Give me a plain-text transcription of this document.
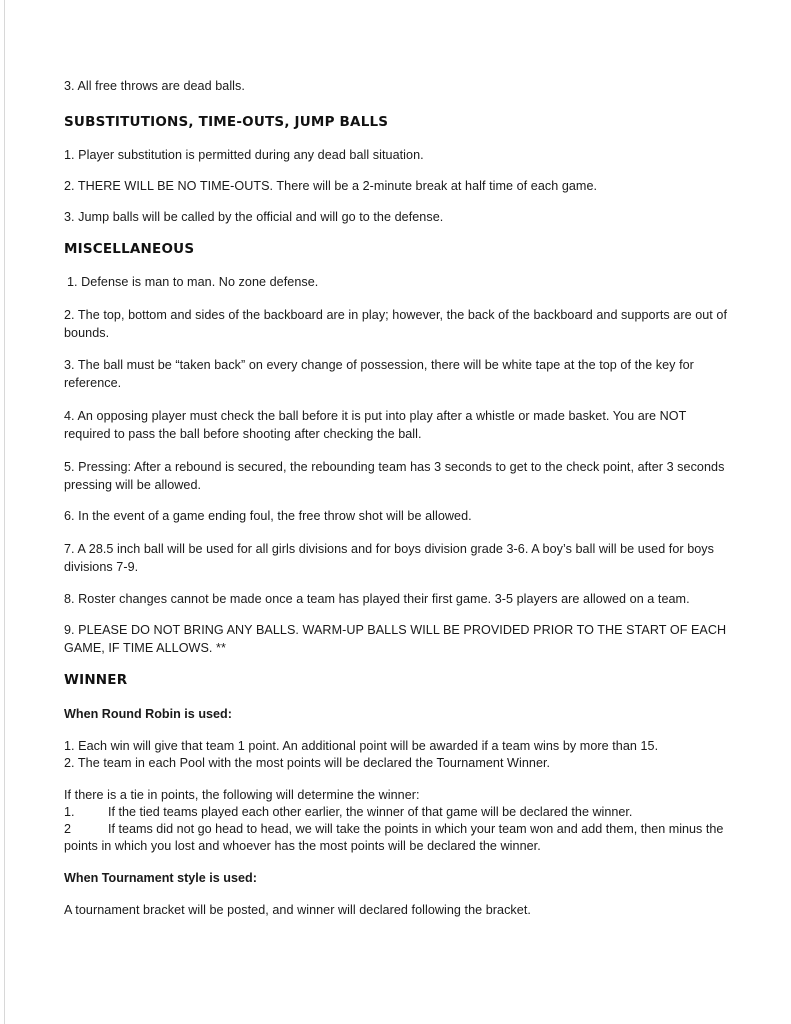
3. All free throws are dead balls.

SUBSTITUTIONS, TIME-OUTS, JUMP BALLS

1. Player substitution is permitted during any dead ball situation.

2. THERE WILL BE NO TIME-OUTS. There will be a 2-minute break at half time of each game.

3. Jump balls will be called by the official and will go to the defense.

MISCELLANEOUS

1. Defense is man to man. No zone defense.

2. The top, bottom and sides of the backboard are in play; however, the back of the backboard and supports are out of bounds.

3. The ball must be “taken back” on every change of possession, there will be white tape at the top of the key for reference.

4. An opposing player must check the ball before it is put into play after a whistle or made basket. You are NOT required to pass the ball before shooting after checking the ball.

5. Pressing: After a rebound is secured, the rebounding team has 3 seconds to get to the check point, after 3 seconds pressing will be allowed.

6. In the event of a game ending foul, the free throw shot will be allowed.

7. A 28.5 inch ball will be used for all girls divisions and for boys division grade 3-6. A boy’s ball will be used for boys divisions 7-9.

8. Roster changes cannot be made once a team has played their first game. 3-5 players are allowed on a team.

9. PLEASE DO NOT BRING ANY BALLS. WARM-UP BALLS WILL BE PROVIDED PRIOR TO THE START OF EACH GAME, IF TIME ALLOWS. **

WINNER

When Round Robin is used:

1. Each win will give that team 1 point. An additional point will be awarded if a team wins by more than 15.

2. The team in each Pool with the most points will be declared the Tournament Winner.

If there is a tie in points, the following will determine the winner:

1.	If the tied teams played each other earlier, the winner of that game will be declared the winner.
2	If teams did not go head to head, we will take the points in which your team won and add them, then minus the

points in which you lost and whoever has the most points will be declared the winner.

When Tournament style is used:

A tournament bracket will be posted, and winner will declared following the bracket.
